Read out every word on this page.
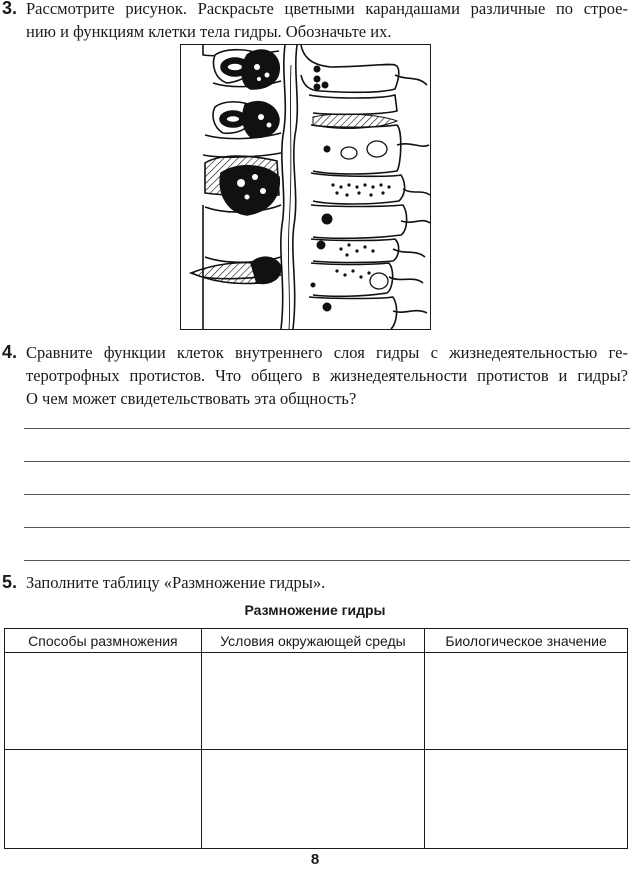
3. Рассмотрите рисунок. Раскрасьте цветными карандашами различные по строе-
нию и функциям клетки тела гидры. Обозначьте их.
4. Сравните функции клеток внутреннего слоя гидры с жизнедеятельностью ге-
теротрофных протистов. Что общего в жизнедеятельности протистов и гидры?
О чем может свидетельствовать эта общность?
5. Заполните таблицу «Размножение гидры».
Размножение гидры
Способы размножения	Условия окружающей среды	Биологическое значение

8
